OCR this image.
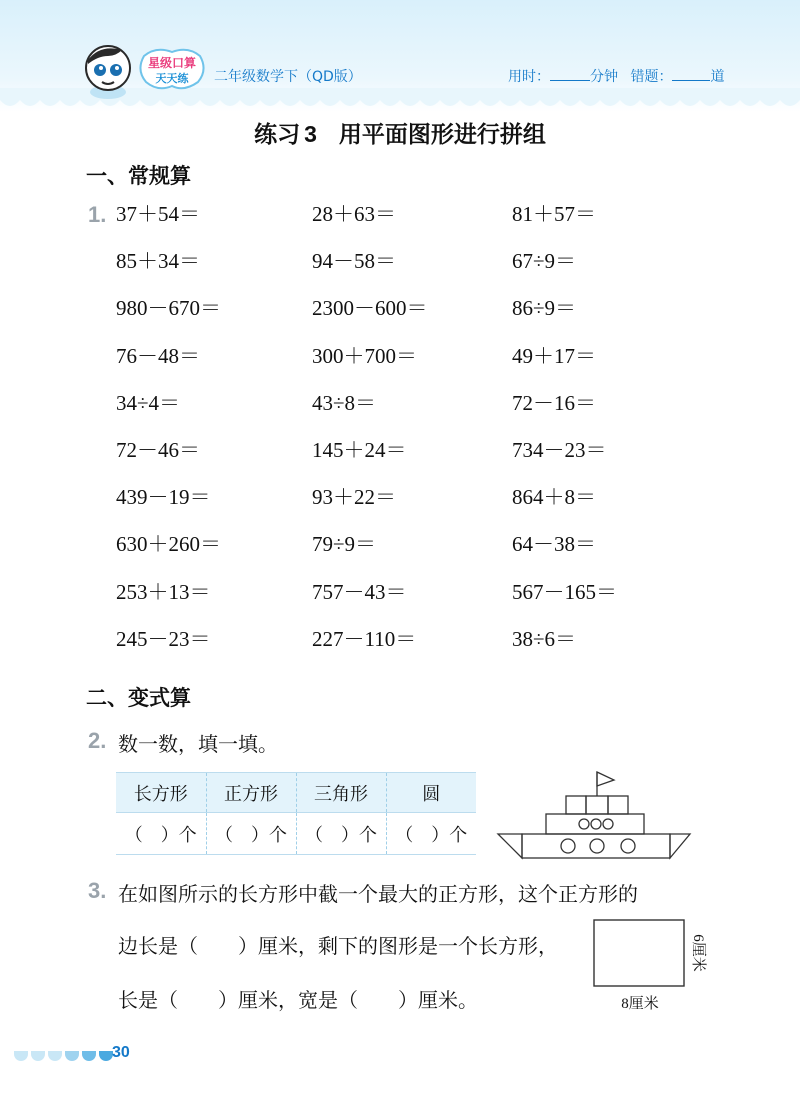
星级口算
天天练	二年级数学下（QD版）	用时：	分钟 错题：	道
练习 3 用平面图形进行拼组
一、常规算
1. 37＋54＝	28＋63＝	81＋57＝
85＋34＝	94－58＝	67÷9＝
980－670＝	2300－600＝	86÷9＝
76－48＝	300＋700＝	49＋17＝
34÷4＝	43÷8＝	72－16＝
72－46＝	145＋24＝	734－23＝
439－19＝	93＋22＝	864＋8＝
630＋260＝	79÷9＝	64－38＝
253＋13＝	757－43＝	567－165＝
245－23＝	227－110＝	38÷6＝
二、变式算
2. 数一数，填一填。
长方形	正方形	三角形	圆
（　）个	（　）个	（　）个	（　）个
3. 在如图所示的长方形中截一个最大的正方形，这个正方形的
边长是（　　）厘米，剩下的图形是一个长方形，
长是（　　）厘米，宽是（　　）厘米。	8厘米
6厘米
30
